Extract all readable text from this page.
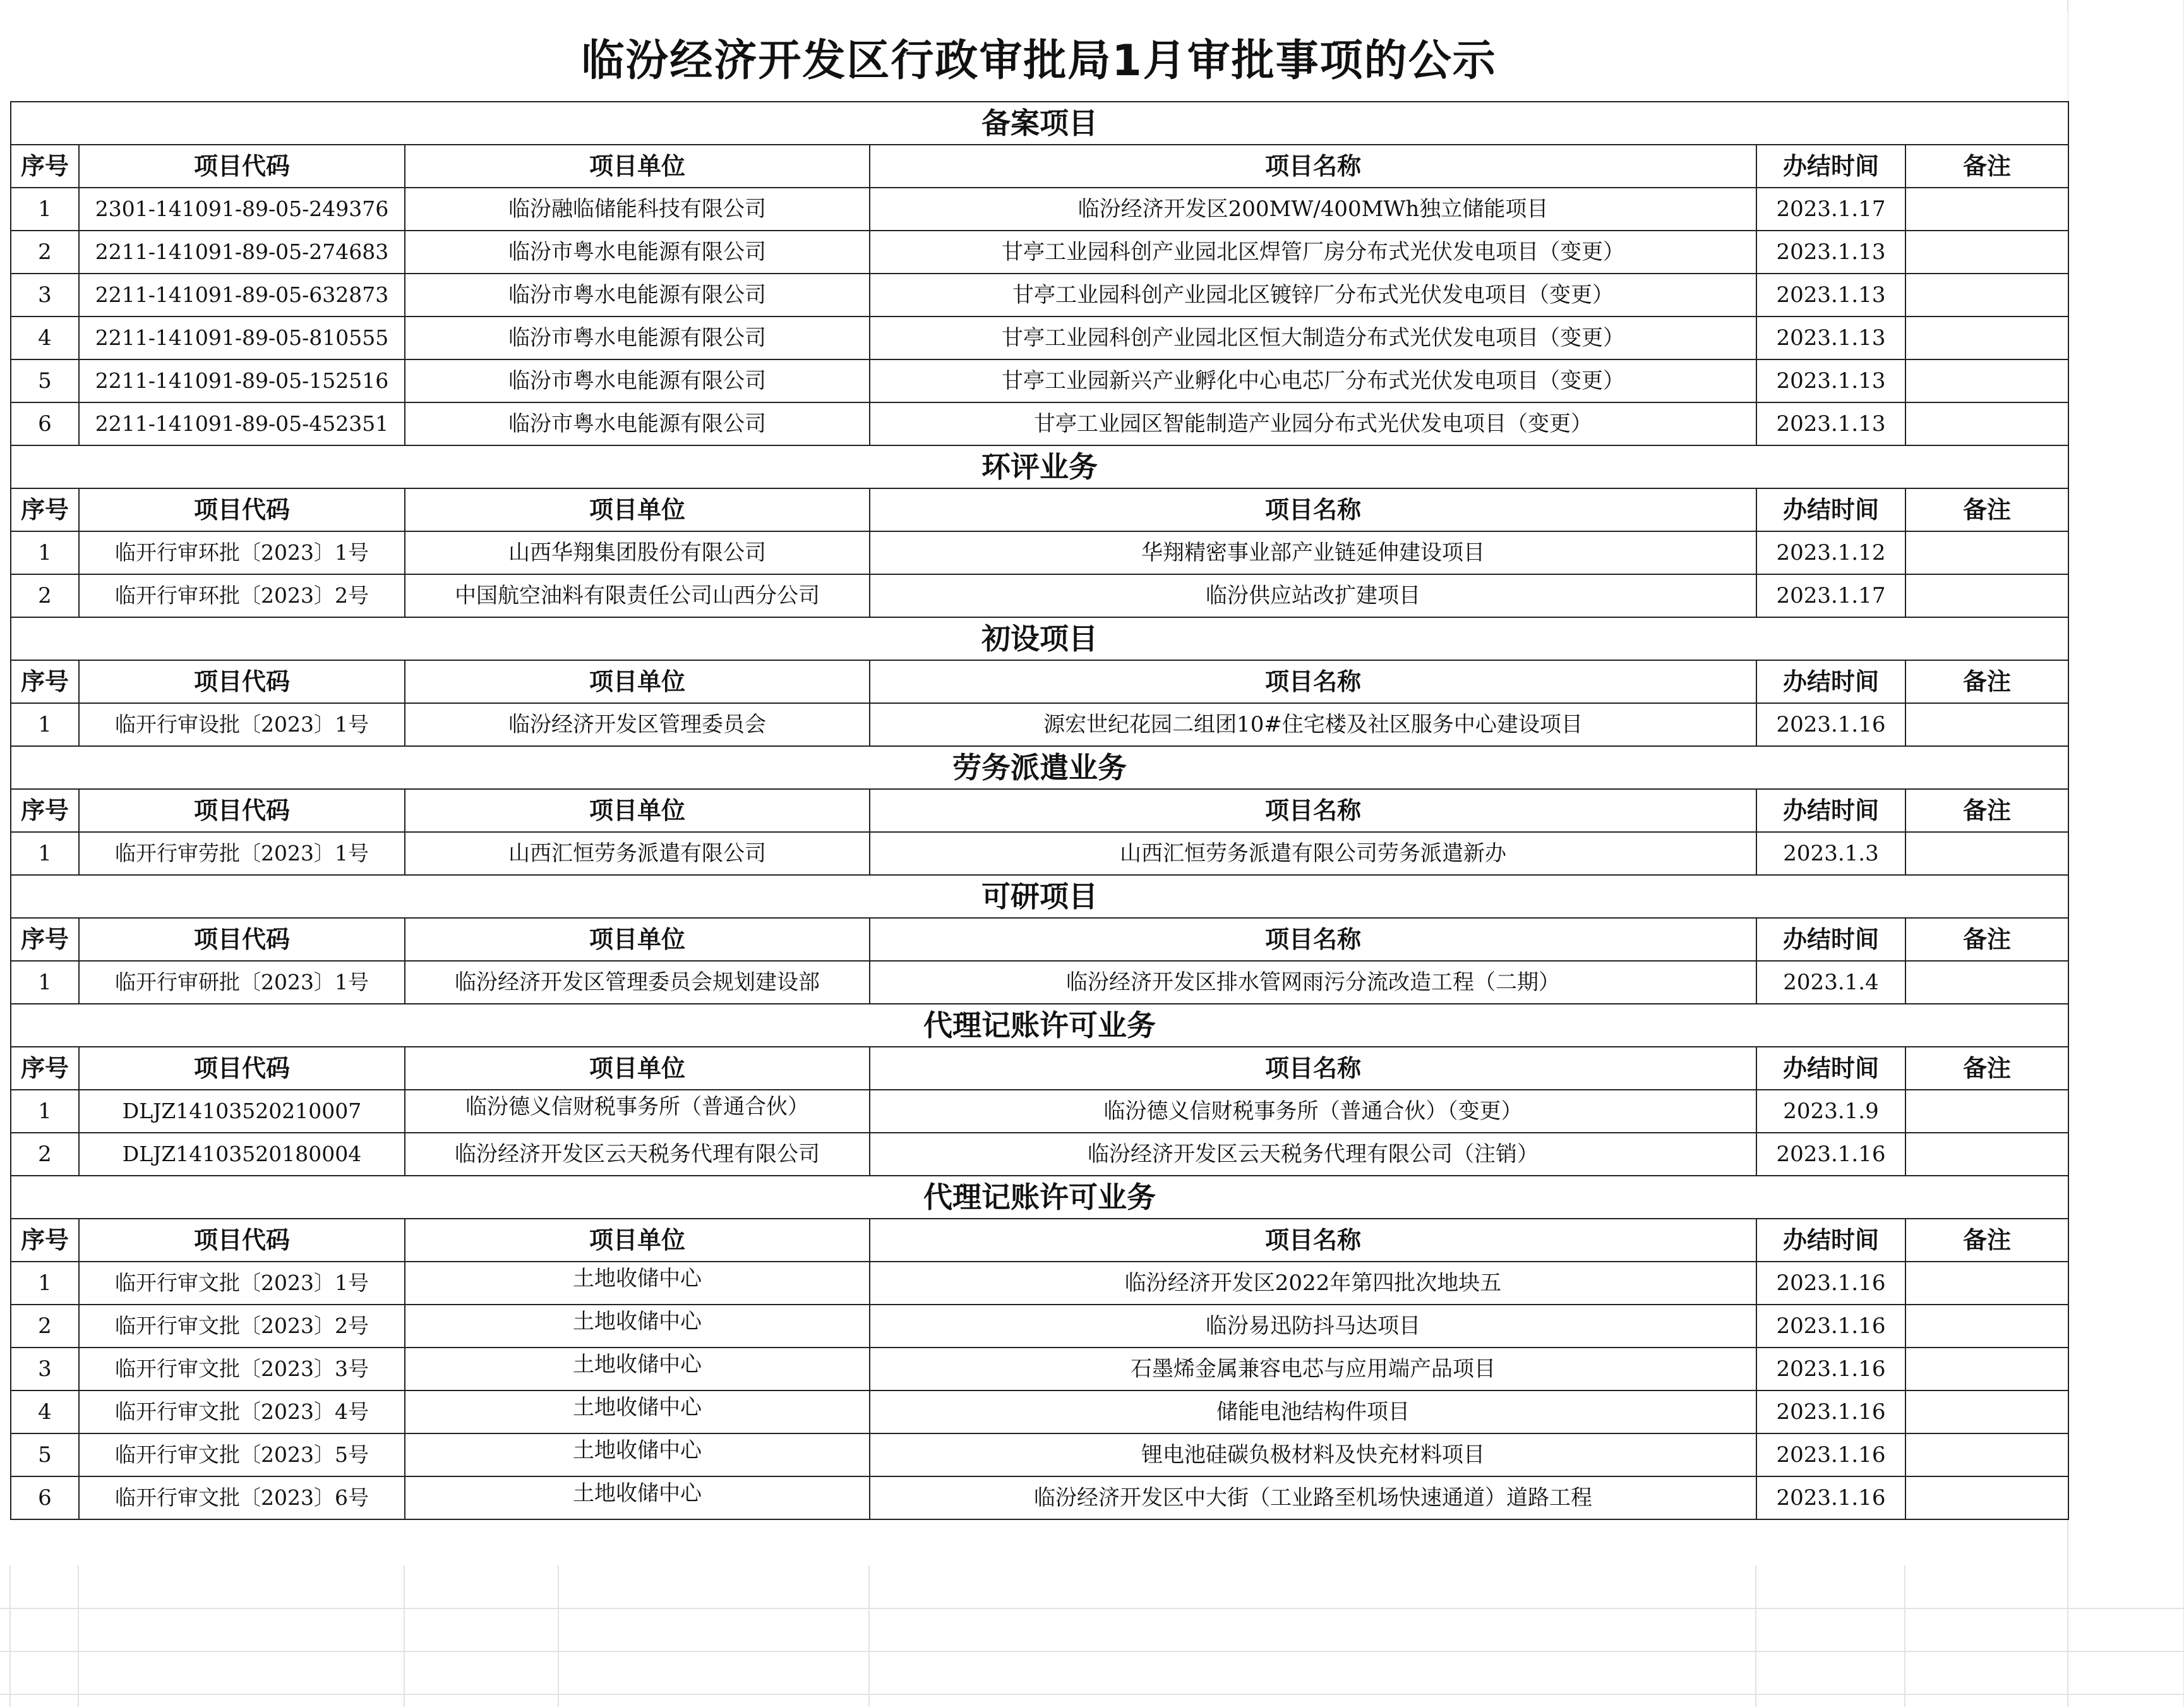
临汾经济开发区行政审批局1月审批事项的公示
备案项目					
序号	项目代码	项目单位	项目名称	办结时间	备注
1	2301-141091-89-05-249376	临汾融临储能科技有限公司	临汾经济开发区200MW/400MWh独立储能项目	2023.1.17	
2	2211-141091-89-05-274683	临汾市粤水电能源有限公司	甘亭工业园科创产业园北区焊管厂房分布式光伏发电项目（变更）	2023.1.13	
3	2211-141091-89-05-632873	临汾市粤水电能源有限公司	甘亭工业园科创产业园北区镀锌厂分布式光伏发电项目（变更）	2023.1.13	
4	2211-141091-89-05-810555	临汾市粤水电能源有限公司	甘亭工业园科创产业园北区恒大制造分布式光伏发电项目（变更）	2023.1.13	
5	2211-141091-89-05-152516	临汾市粤水电能源有限公司	甘亭工业园新兴产业孵化中心电芯厂分布式光伏发电项目（变更）	2023.1.13	
6	2211-141091-89-05-452351	临汾市粤水电能源有限公司	甘亭工业园区智能制造产业园分布式光伏发电项目（变更）	2023.1.13	
环评业务					
序号	项目代码	项目单位	项目名称	办结时间	备注
1	临开行审环批〔2023〕1号	山西华翔集团股份有限公司	华翔精密事业部产业链延伸建设项目	2023.1.12	
2	临开行审环批〔2023〕2号	中国航空油料有限责任公司山西分公司	临汾供应站改扩建项目	2023.1.17	
初设项目					
序号	项目代码	项目单位	项目名称	办结时间	备注
1	临开行审设批〔2023〕1号	临汾经济开发区管理委员会	源宏世纪花园二组团10#住宅楼及社区服务中心建设项目	2023.1.16	
劳务派遣业务					
序号	项目代码	项目单位	项目名称	办结时间	备注
1	临开行审劳批〔2023〕1号	山西汇恒劳务派遣有限公司	山西汇恒劳务派遣有限公司劳务派遣新办	2023.1.3	
可研项目					
序号	项目代码	项目单位	项目名称	办结时间	备注
1	临开行审研批〔2023〕1号	临汾经济开发区管理委员会规划建设部	临汾经济开发区排水管网雨污分流改造工程（二期）	2023.1.4	
代理记账许可业务					
序号	项目代码	项目单位	项目名称	办结时间	备注
1	DLJZ14103520210007	临汾德义信财税事务所（普通合伙）	临汾德义信财税事务所（普通合伙）（变更）	2023.1.9	
2	DLJZ14103520180004	临汾经济开发区云天税务代理有限公司	临汾经济开发区云天税务代理有限公司（注销）	2023.1.16	
代理记账许可业务					
序号	项目代码	项目单位	项目名称	办结时间	备注
1	临开行审文批〔2023〕1号	土地收储中心	临汾经济开发区2022年第四批次地块五	2023.1.16	
2	临开行审文批〔2023〕2号	土地收储中心	临汾易迅防抖马达项目	2023.1.16	
3	临开行审文批〔2023〕3号	土地收储中心	石墨烯金属兼容电芯与应用端产品项目	2023.1.16	
4	临开行审文批〔2023〕4号	土地收储中心	储能电池结构件项目	2023.1.16	
5	临开行审文批〔2023〕5号	土地收储中心	锂电池硅碳负极材料及快充材料项目	2023.1.16	
6	临开行审文批〔2023〕6号	土地收储中心	临汾经济开发区中大街（工业路至机场快速通道）道路工程	2023.1.16	
